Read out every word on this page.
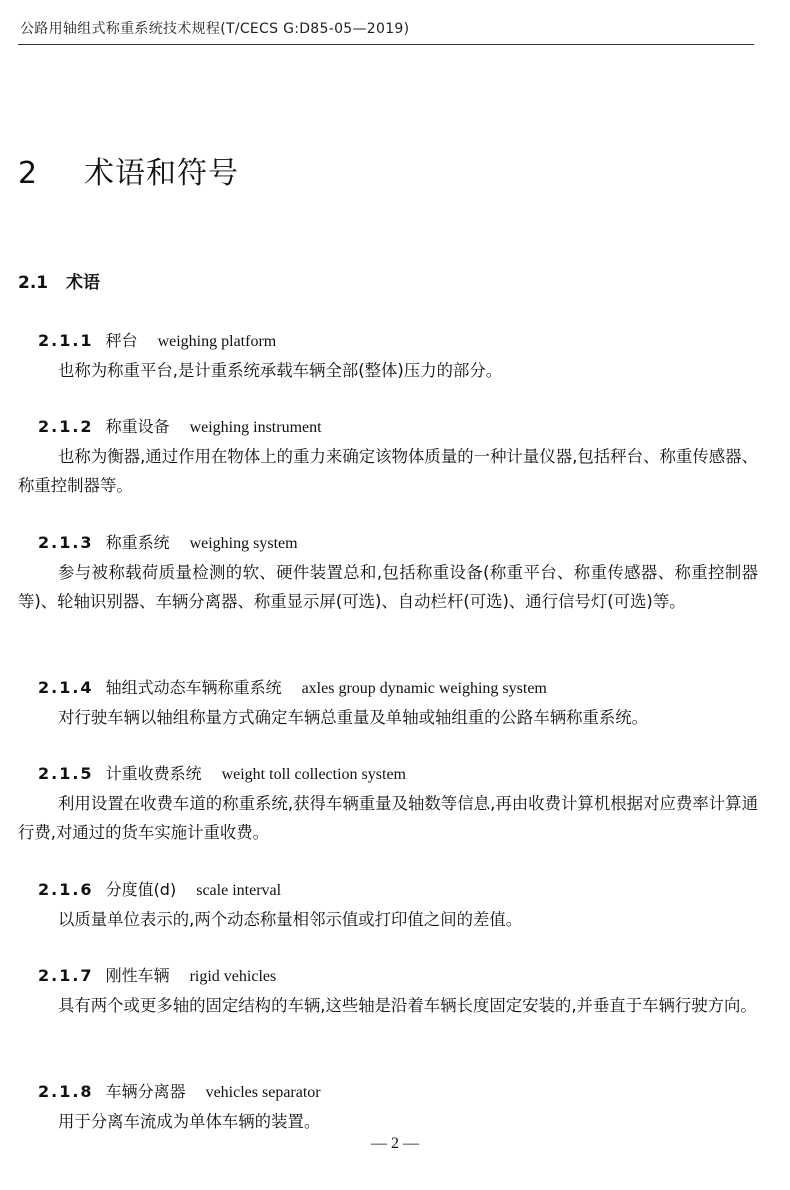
公路用轴组式称重系统技术规程(T/CECS G:D85-05—2019)
2 术语和符号
2.1 术语
2.1.1 秤台 weighing platform

也称为称重平台,是计重系统承载车辆全部(整体)压力的部分。

2.1.2 称重设备 weighing instrument

也称为衡器,通过作用在物体上的重力来确定该物体质量的一种计量仪器,包括秤台、称重传感器、称重控制器等。

2.1.3 称重系统 weighing system

参与被称载荷质量检测的软、硬件装置总和,包括称重设备(称重平台、称重传感器、称重控制器等)、轮轴识别器、车辆分离器、称重显示屏(可选)、自动栏杆(可选)、通行信号灯(可选)等。

2.1.4 轴组式动态车辆称重系统 axles group dynamic weighing system

对行驶车辆以轴组称量方式确定车辆总重量及单轴或轴组重的公路车辆称重系统。

2.1.5 计重收费系统 weight toll collection system

利用设置在收费车道的称重系统,获得车辆重量及轴数等信息,再由收费计算机根据对应费率计算通行费,对通过的货车实施计重收费。

2.1.6 分度值(d) scale interval

以质量单位表示的,两个动态称量相邻示值或打印值之间的差值。

2.1.7 刚性车辆 rigid vehicles

具有两个或更多轴的固定结构的车辆,这些轴是沿着车辆长度固定安装的,并垂直于车辆行驶方向。

2.1.8 车辆分离器 vehicles separator

用于分离车流成为单体车辆的装置。

— 2 —
